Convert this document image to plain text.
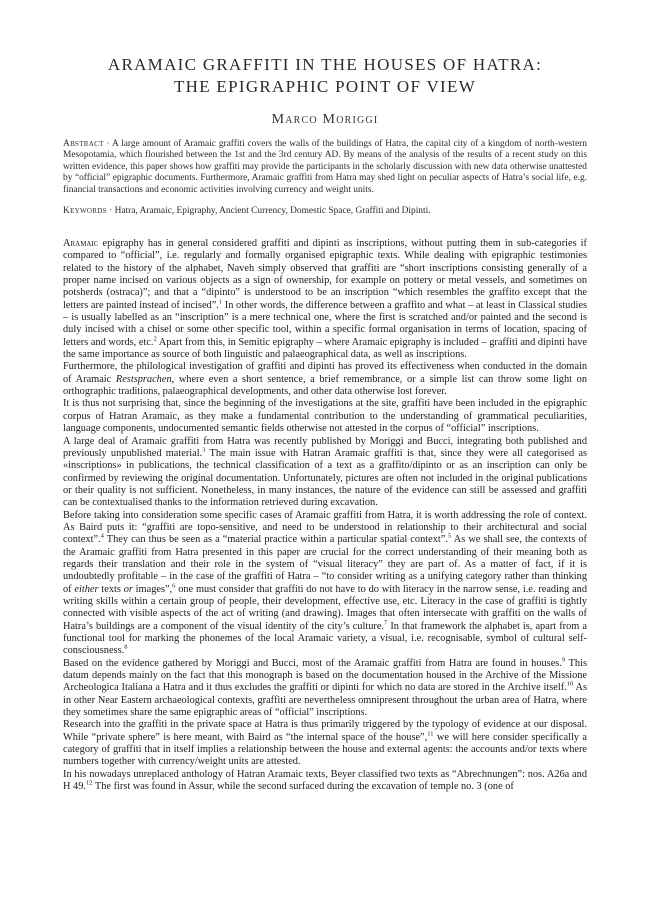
ARAMAIC GRAFFITI IN THE HOUSES OF HATRA:
THE EPIGRAPHIC POINT OF VIEW
Marco Moriggi
Abstract · A large amount of Aramaic graffiti covers the walls of the buildings of Hatra, the capital city of a kingdom of north-western Mesopotamia, which flourished between the 1st and the 3rd century AD. By means of the analysis of the results of a recent study on this written evidence, this paper shows how graffiti may provide the participants in the scholarly discussion with new data otherwise unattested by “official” epigraphic documents. Furthermore, Aramaic graffiti from Hatra may shed light on peculiar aspects of Hatra’s social life, e.g. financial transactions and economic activities involving currency and weight units.
Keywords · Hatra, Aramaic, Epigraphy, Ancient Currency, Domestic Space, Graffiti and Dipinti.

Aramaic epigraphy has in general considered graffiti and dipinti as inscriptions, without putting them in sub-categories if compared to “official”, i.e. regularly and formally organised epigraphic texts. While dealing with epigraphic testimonies related to the history of the alphabet, Naveh simply observed that graffiti are “short inscriptions consisting generally of a proper name incised on various objects as a sign of ownership, for example on pottery or metal vessels, and sometimes on potsherds (ostraca)”; and that a “dipinto” is understood to be an inscription “which resembles the graffito except that the letters are painted instead of incised”.$^1$ In other words, the difference between a graffito and what – at least in Classical studies – is usually labelled as an “inscription” is a mere technical one, where the first is scratched and/or painted and the second is duly incised with a chisel or some other specific tool, within a specific formal organisation in terms of location, spacing of letters and words, etc.$^2$ Apart from this, in Semitic epigraphy – where Aramaic epigraphy is included – graffiti and dipinti have the same importance as source of both linguistic and palaeographical data, as well as inscriptions.

Furthermore, the philological investigation of graffiti and dipinti has proved its effectiveness when conducted in the domain of Aramaic Restsprachen, where even a short sentence, a brief remembrance, or a simple list can throw some light on orthographic traditions, palaeographical developments, and other data otherwise lost forever.

It is thus not surprising that, since the beginning of the investigations at the site, graffiti have been included in the epigraphic corpus of Hatran Aramaic, as they make a fundamental contribution to the understanding of grammatical peculiarities, language components, undocumented semantic fields otherwise not attested in the corpus of “official” inscriptions.

A large deal of Aramaic graffiti from Hatra was recently published by Moriggi and Bucci, integrating both published and previously unpublished material.$^3$ The main issue with Hatran Aramaic graffiti is that, since they were all categorised as «inscriptions» in publications, the technical classification of a text as a graffito/dipinto or as an inscription can only be confirmed by reviewing the original documentation. Unfortunately, pictures are often not included in the original publications or their quality is not sufficient. Nonetheless, in many instances, the nature of the evidence can still be assessed and graffiti can be contextualised thanks to the information retrieved during excavation.

Before taking into consideration some specific cases of Aramaic graffiti from Hatra, it is worth addressing the role of context. As Baird puts it: “graffiti are topo-sensitive, and need to be understood in relationship to their architectural and social context”.$^4$ They can thus be seen as a “material practice within a particular spatial context”.$^5$ As we shall see, the contexts of the Aramaic graffiti from Hatra presented in this paper are crucial for the correct understanding of their meaning both as regards their translation and their role in the system of “visual literacy” they are part of. As a matter of fact, if it is undoubtedly profitable – in the case of the graffiti of Hatra – “to consider writing as a unifying category rather than thinking of either texts or images”,$^6$ one must consider that graffiti do not have to do with literacy in the narrow sense, i.e. reading and writing skills within a certain group of people, their development, effective use, etc. Literacy in the case of graffiti is tightly connected with visible aspects of the act of writing (and drawing). Images that often intersecate with graffiti on the walls of Hatra’s buildings are a component of the visual identity of the city’s culture.$^7$ In that framework the alphabet is, apart from a functional tool for marking the phonemes of the local Aramaic variety, a visual, i.e. recognisable, symbol of cultural self-consciousness.$^8$

Based on the evidence gathered by Moriggi and Bucci, most of the Aramaic graffiti from Hatra are found in houses.$^9$ This datum depends mainly on the fact that this monograph is based on the documentation housed in the Archive of the Missione Archeologica Italiana a Hatra and it thus excludes the graffiti or dipinti for which no data are stored in the Archive itself.$^{10}$ As in other Near Eastern archaeological contexts, graffiti are nevertheless omnipresent throughout the urban area of Hatra, where they sometimes share the same epigraphic areas of “official” inscriptions.

Research into the graffiti in the private space at Hatra is thus primarily triggered by the typology of evidence at our disposal. While “private sphere” is here meant, with Baird as “the internal space of the house”,$^{11}$ we will here consider specifically a category of graffiti that in itself implies a relationship between the house and external agents: the accounts and/or texts where numbers together with currency/weight units are attested.

In his nowadays unreplaced anthology of Hatran Aramaic texts, Beyer classified two texts as “Abrechnungen”: nos. A26a and H 49.12 The first was found in Assur, while the second surfaced during the excavation of temple no. 3 (one of
